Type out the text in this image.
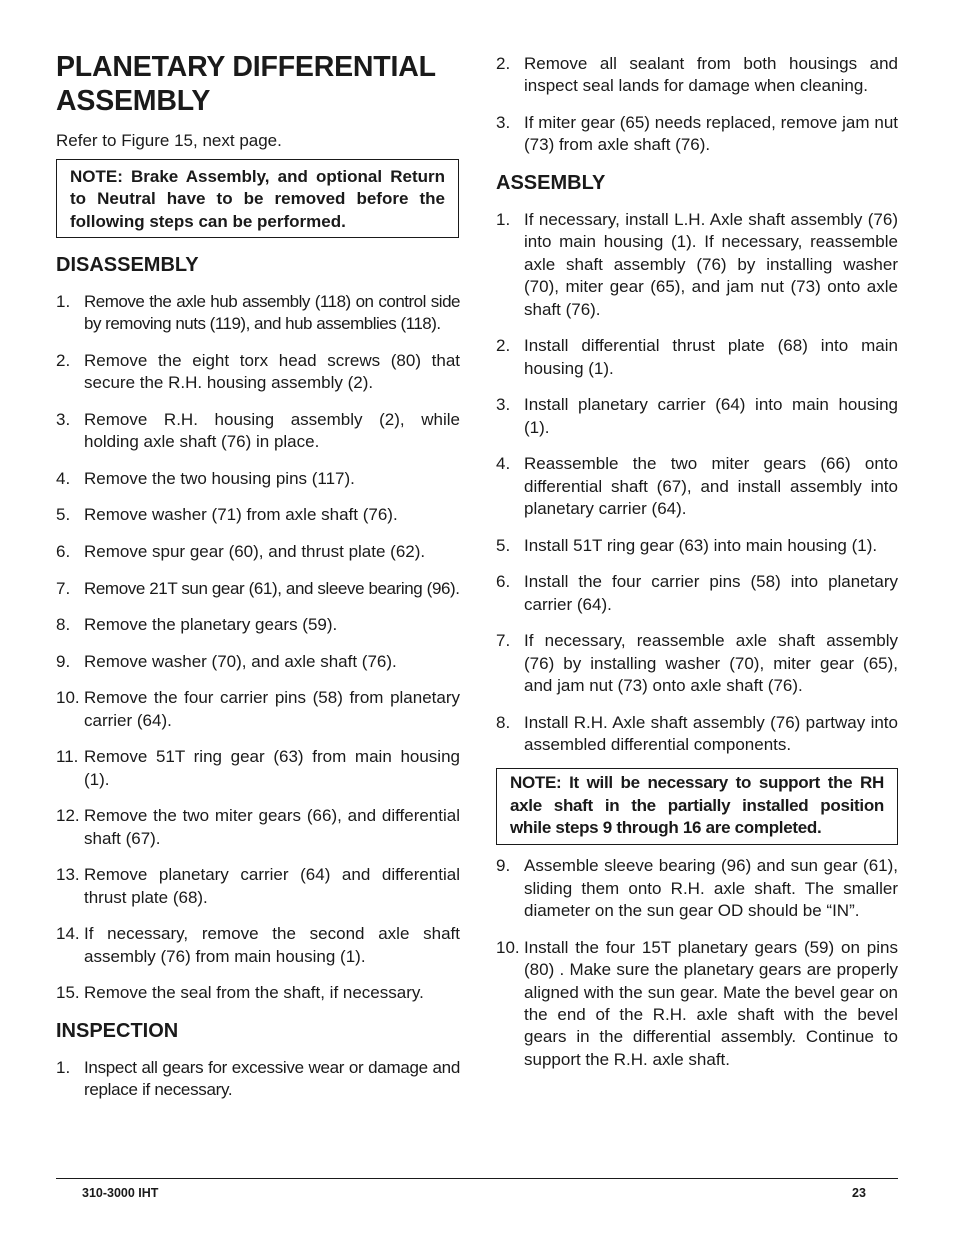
PLANETARY DIFFERENTIAL
ASSEMBLY

Refer to Figure 15, next page.

NOTE: Brake Assembly, and optional Return to Neutral have to be removed before the following steps can be performed.
DISASSEMBLY
1. Remove the axle hub assembly (118) on control side by removing nuts (119), and hub assemblies (118).
2. Remove the eight torx head screws (80) that secure the R.H. housing assembly (2).
3. Remove R.H. housing assembly (2), while holding axle shaft (76) in place.
4. Remove the two housing pins (117).
5. Remove washer (71) from axle shaft (76).
6. Remove spur gear (60), and thrust plate (62).
7. Remove 21T sun gear (61), and sleeve bearing (96).
8. Remove the planetary gears (59).
9. Remove washer (70), and axle shaft (76).
10. Remove the four carrier pins (58) from planetary carrier (64).
11. Remove 51T ring gear (63) from main housing (1).
12. Remove the two miter gears (66), and differential shaft (67).
13. Remove planetary carrier (64) and differential thrust plate (68).
14. If necessary, remove the second axle shaft assembly (76) from main housing (1).
15. Remove the seal from the shaft, if necessary.
INSPECTION
1. Inspect all gears for excessive wear or damage and replace if necessary.
2. Remove all sealant from both housings and inspect seal lands for damage when cleaning.
3. If miter gear (65) needs replaced, remove jam nut (73) from axle shaft (76).
ASSEMBLY
1. If necessary, install L.H. Axle shaft assembly (76) into main housing (1). If necessary, reassemble axle shaft assembly (76) by installing washer (70), miter gear (65), and jam nut (73) onto axle shaft (76).
2. Install differential thrust plate (68) into main housing (1).
3. Install planetary carrier (64) into main housing (1).
4. Reassemble the two miter gears (66) onto differential shaft (67), and install assembly into planetary carrier (64).
5. Install 51T ring gear (63) into main housing (1).
6. Install the four carrier pins (58) into planetary carrier (64).
7. If necessary, reassemble axle shaft assembly (76) by installing washer (70), miter gear (65), and jam nut (73) onto axle shaft (76).
8. Install R.H. Axle shaft assembly (76) partway into assembled differential components.
NOTE: It will be necessary to support the RH axle shaft in the partially installed position while steps 9 through 16 are completed.
9. Assemble sleeve bearing (96) and sun gear (61), sliding them onto R.H. axle shaft. The smaller diameter on the sun gear OD should be “IN”.
10. Install the four 15T planetary gears (59) on pins (80) . Make sure the planetary gears are properly aligned with the sun gear. Mate the bevel gear on the end of the R.H. axle shaft with the bevel gears in the differential assembly. Continue to support the R.H. axle shaft.
310-3000 IHT	23
